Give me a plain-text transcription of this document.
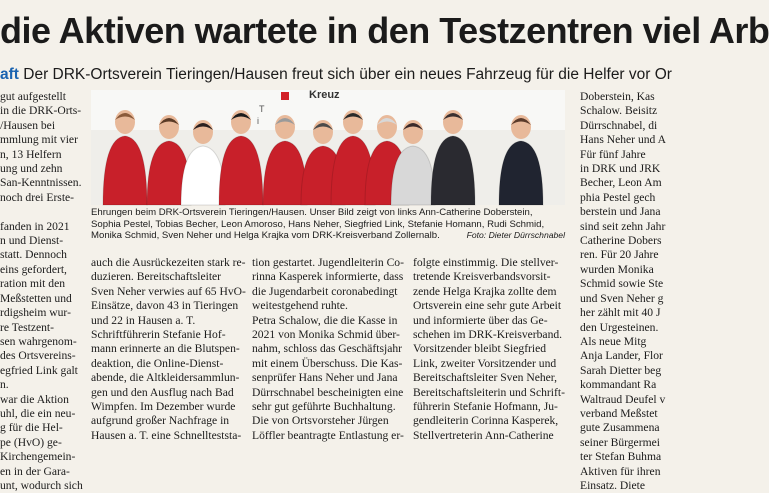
die Aktiven wartete in den Testzentren viel Arb
aft Der DRK-Ortsverein Tieringen/Hausen freut sich über ein neues Fahrzeug für die Helfer vor Or
gut aufgestellt
in die DRK-Orts-
/Hausen bei
mmlung mit vier
n, 13 Helfern
ung und zehn
San-Kenntnissen.
noch drei Erste-

fanden in 2021
n und Dienst-
statt. Dennoch
eins gefordert,
ration mit den
Meßstetten und
rdigsheim wur-
re Testzent-
sen wahrgenom-
des Ortsvereins-
egfried Link galt
n.
war die Aktion
uhl, die ein neu-
g für die Hel-
pe (HvO) ge-
Kirchengemein-
en in der Gara-
unt, wodurch sich
Kreuz
T
i
Ehrungen beim DRK-Ortsverein Tieringen/Hausen. Unser Bild zeigt von links Ann-Catherine Doberstein,
Sophia Pestel, Tobias Becher, Leon Amoroso, Hans Neher, Siegfried Link, Stefanie Homann, Rudi Schmid,
Monika Schmid, Sven Neher und Helga Krajka vom DRK-Kreisverband Zollernalb.	Foto: Dieter Dürrschnabel
auch die Ausrückezeiten stark re-
duzieren. Bereitschaftsleiter
Sven Neher verwies auf 65 HvO-
Einsätze, davon 43 in Tieringen
und 22 in Hausen a. T.
Schriftführerin Stefanie Hof-
mann erinnerte an die Blutspen-
deaktion, die Online-Dienst-
abende, die Altkleidersammlun-
gen und den Ausflug nach Bad
Wimpfen. Im Dezember wurde
aufgrund großer Nachfrage in
Hausen a. T. eine Schnellteststa-
tion gestartet. Jugendleiterin Co-
rinna Kasperek informierte, dass
die Jugendarbeit coronabedingt
weitestgehend ruhte.
Petra Schalow, die die Kasse in
2021 von Monika Schmid über-
nahm, schloss das Geschäftsjahr
mit einem Überschuss. Die Kas-
senprüfer Hans Neher und Jana
Dürrschnabel bescheinigten eine
sehr gut geführte Buchhaltung.
Die von Ortsvorsteher Jürgen
Löffler beantragte Entlastung er-
folgte einstimmig. Die stellver-
tretende Kreisverbandsvorsit-
zende Helga Krajka zollte dem
Ortsverein eine sehr gute Arbeit
und informierte über das Ge-
schehen im DRK-Kreisverband.
Vorsitzender bleibt Siegfried
Link, zweiter Vorsitzender und
Bereitschaftsleiter Sven Neher,
Bereitschaftsleiterin und Schrift-
führerin Stefanie Hofmann, Ju-
gendleiterin Corinna Kasperek,
Stellvertreterin Ann-Catherine
Doberstein, Kas
Schalow. Beisitz
Dürrschnabel, di
Hans Neher und A
Für fünf Jahre
in DRK und JRK
Becher, Leon Am
phia Pestel gech
berstein und Jana
sind seit zehn Jahr
Catherine Dobers
ren. Für 20 Jahre
wurden Monika
Schmid sowie Ste
und Sven Neher g
her zählt mit 40 J
den Urgesteinen.
Als neue Mitg
Anja Lander, Flor
Sarah Dietter beg
kommandant Ra
Waltraud Deufel v
verband Meßstet
gute Zusammena
seiner Bürgermei
ter Stefan Buhma
Aktiven für ihren
Einsatz. Diete
